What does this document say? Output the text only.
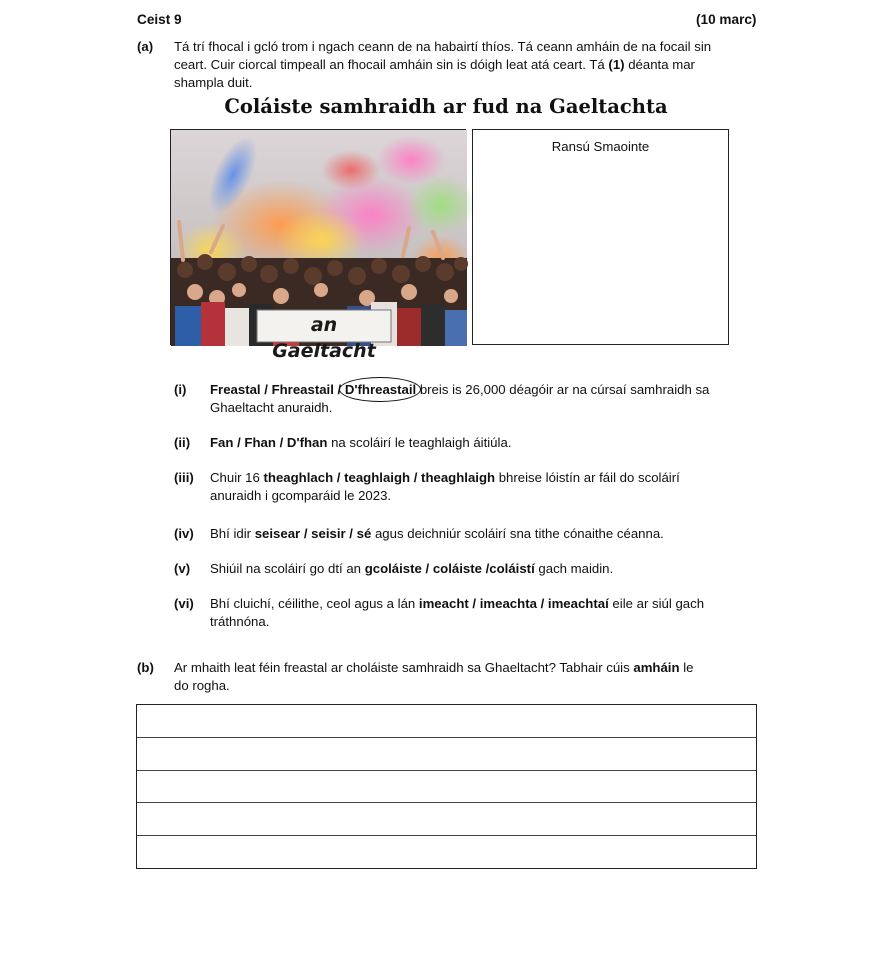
Ceist 9	(10 marc)
(a) Tá trí fhocal i gcló trom i ngach ceann de na habairtí thíos. Tá ceann amháin de na focail sin
ceart. Cuir ciorcal timpeall an fhocail amháin sin is dóigh leat atá ceart. Tá (1) déanta mar
shampla duit.
Coláiste samhraidh ar fud na Gaeltachta
an Gaeltacht
Ransú Smaointe
(i) Freastal / Fhreastail / D'fhreastail breis is 26,000 déagóir ar na cúrsaí samhraidh sa
Ghaeltacht anuraidh.
(ii) Fan / Fhan / D'fhan na scoláirí le teaghlaigh áitiúla.
(iii) Chuir 16 theaghlach / teaghlaigh / theaghlaigh bhreise lóistín ar fáil do scoláirí
anuraidh i gcomparáid le 2023.
(iv) Bhí idir seisear / seisir / sé agus deichniúr scoláirí sna tithe cónaithe céanna.
(v) Shiúil na scoláirí go dtí an gcoláiste / coláiste /coláistí gach maidin.
(vi) Bhí cluichí, céilithe, ceol agus a lán imeacht / imeachta / imeachtaí eile ar siúl gach
tráthnóna.
(b) Ar mhaith leat féin freastal ar choláiste samhraidh sa Ghaeltacht? Tabhair cúis amháin le
do rogha.
